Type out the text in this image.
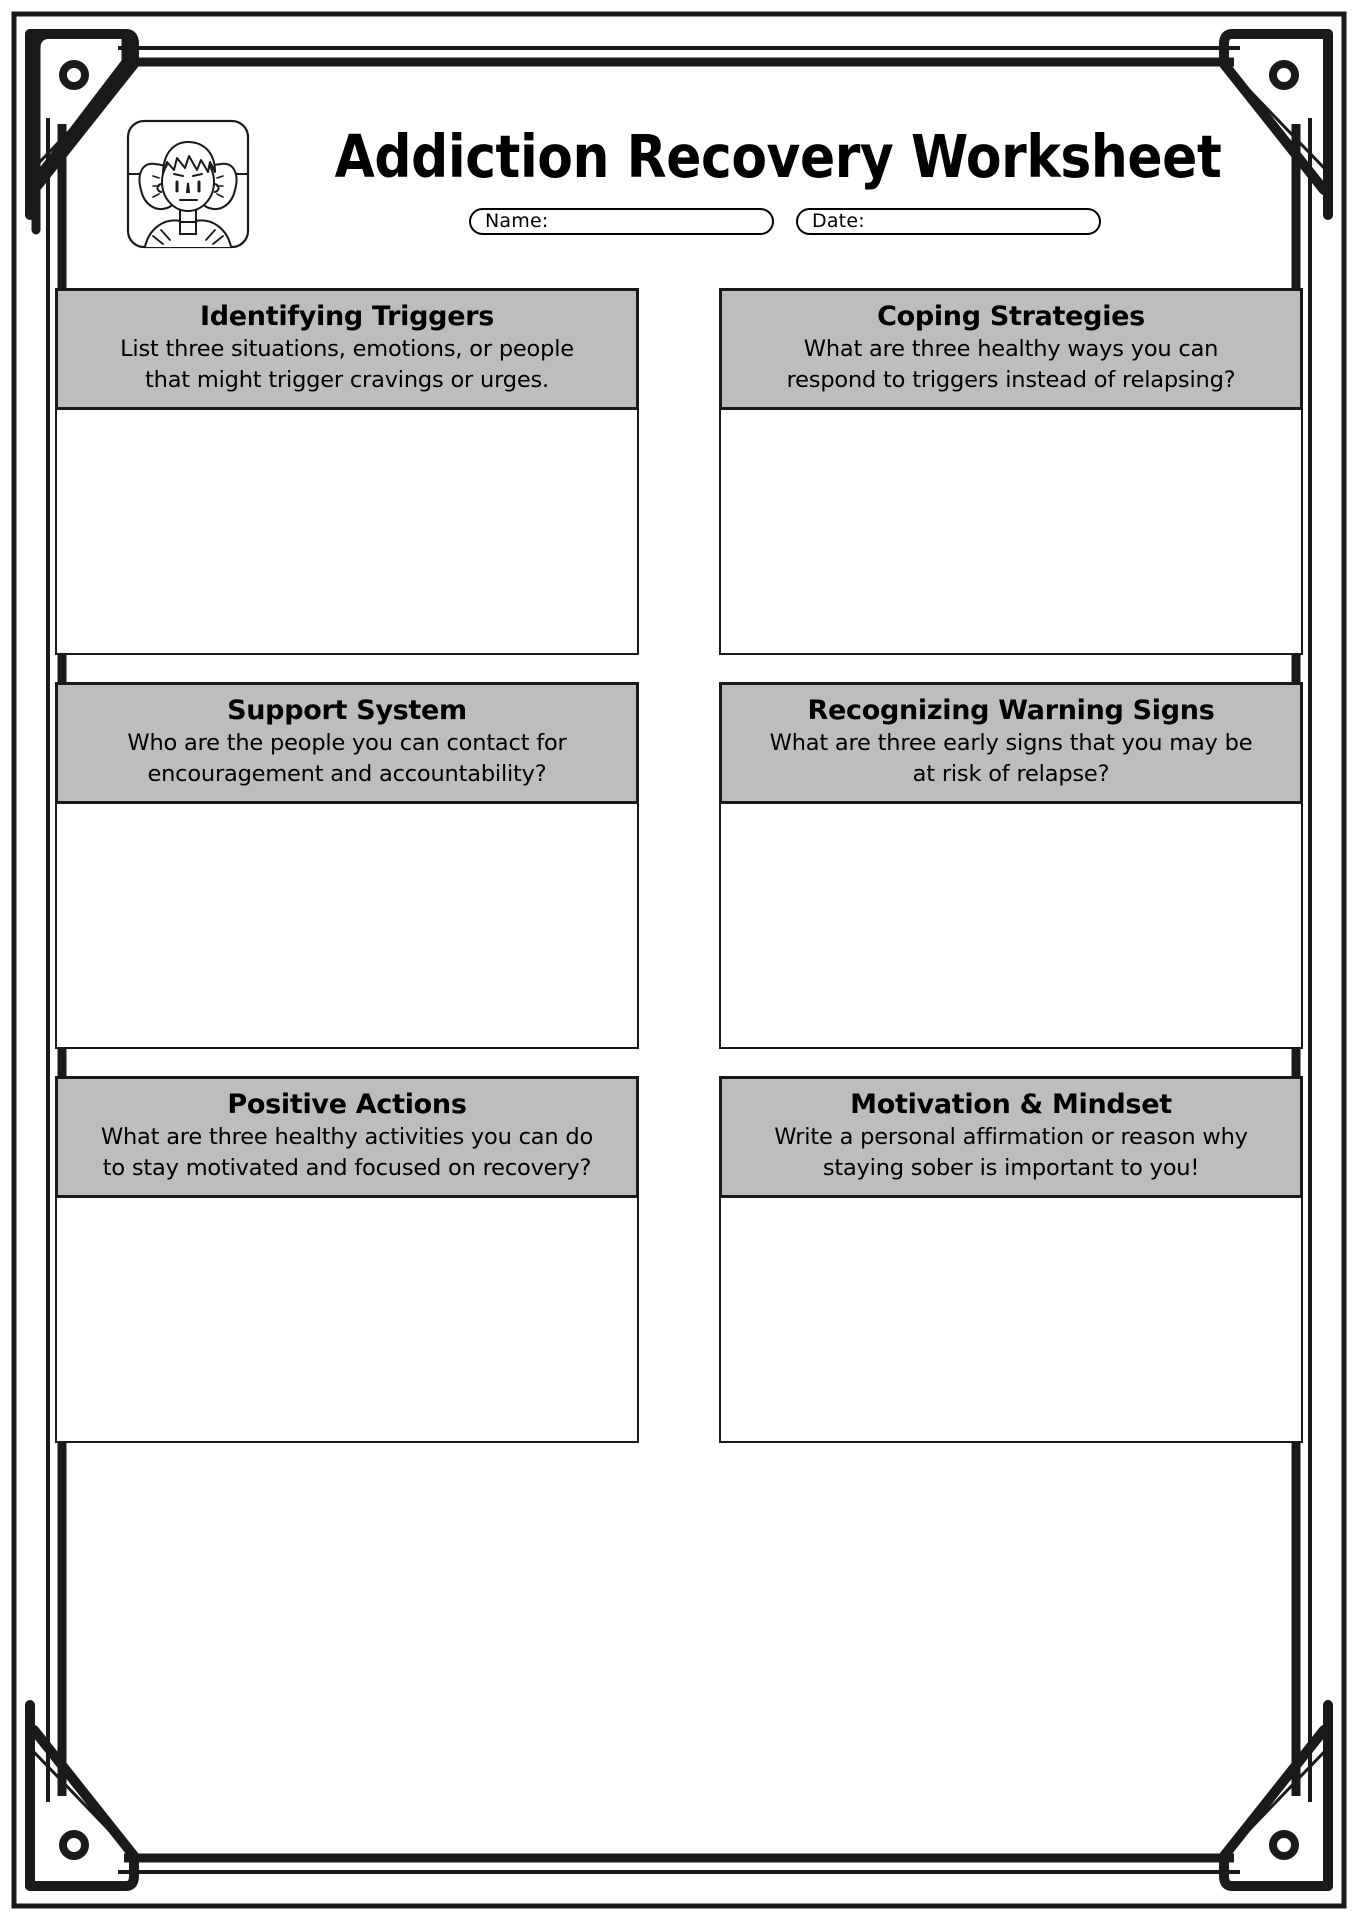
Addiction Recovery Worksheet
Name:	Date:
Identifying Triggers
List three situations, emotions, or people
that might trigger cravings or urges.
Coping Strategies
What are three healthy ways you can
respond to triggers instead of relapsing?
Support System
Who are the people you can contact for
encouragement and accountability?
Recognizing Warning Signs
What are three early signs that you may be
at risk of relapse?
Positive Actions
What are three healthy activities you can do
to stay motivated and focused on recovery?
Motivation & Mindset
Write a personal affirmation or reason why
staying sober is important to you!
